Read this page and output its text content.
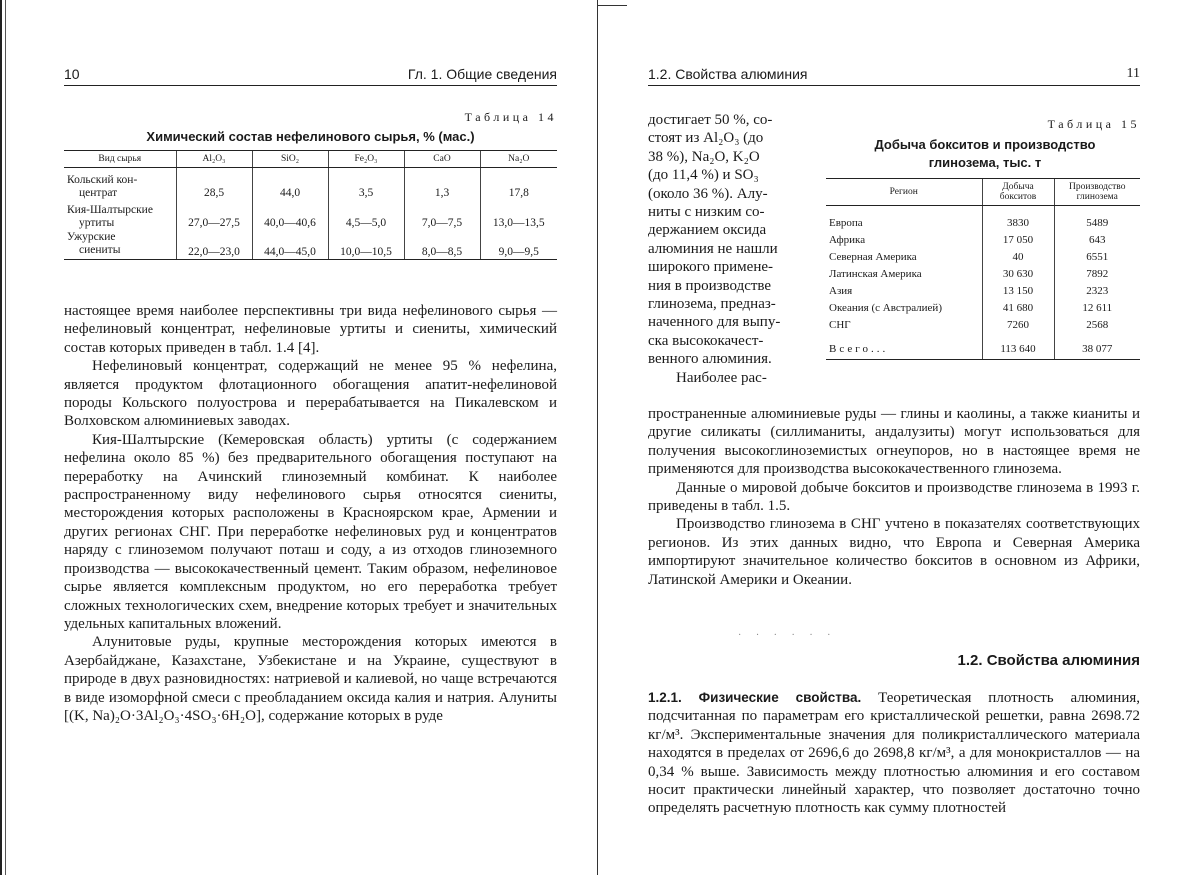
10	Гл. 1. Общие сведения
Таблица 14
Химический состав нефелинового сырья, % (мас.)
Вид сырья	Al₂O₃	SiO₂	Fe₂O₃	CaO	Na₂O
Кольский кон-
центрат	28,5	44,0	3,5	1,3	17,8
Кия-Шалтырские
уртиты	27,0—27,5	40,0—40,6	4,5—5,0	7,0—7,5	13,0—13,5
Ужурские
сиениты	22,0—23,0	44,0—45,0	10,0—10,5	8,0—8,5	9,0—9,5

настоящее время наиболее перспективны три вида нефелинового сырья — нефелиновый концентрат, нефелиновые уртиты и сиениты, химический состав которых приведен в табл. 1.4 [4].

Нефелиновый концентрат, содержащий не менее 95 % нефелина, является продуктом флотационного обогащения апатит-нефелиновой породы Кольского полуострова и перерабатывается на Пикалевском и Волховском алюминиевых заводах.

Кия-Шалтырские (Кемеровская область) уртиты (с содержанием нефелина около 85 %) без предварительного обогащения поступают на переработку на Ачинский глиноземный комбинат. К наиболее распространенному виду нефелинового сырья относятся сиениты, месторождения которых расположены в Красноярском крае, Армении и других регионах СНГ. При переработке нефелиновых руд и концентратов наряду с глиноземом получают поташ и соду, а из отходов глиноземного производства — высококачественный цемент. Таким образом, нефелиновое сырье является комплексным продуктом, но его переработка требует сложных технологических схем, внедрение которых требует и значительных удельных капитальных вложений.

Алунитовые руды, крупные месторождения которых имеются в Азербайджане, Казахстане, Узбекистане и на Украине, существуют в природе в двух разновидностях: натриевой и калиевой, но чаще встречаются в виде изоморфной смеси с преобладанием оксида калия и натрия. Алуниты [(K, Na)₂O·3Al₂O₃·4SO₃·6H₂O], содержание которых в руде

1.2. Свойства алюминия	11
достигает 50 %, со-
стоят из Al₂O₃ (до
38 %), Na₂O, K₂O
(до 11,4 %) и SO₃
(около 36 %). Алу-
ниты с низким со-
держанием оксида
алюминия не нашли
широкого примене-
ния в производстве
глинозема, предназ-
наченного для выпу-
ска высококачест-
венного алюминия.
Наиболее рас-
Таблица 15
Добыча бокситов и производство
глинозема, тыс. т
Регион	Добыча бокситов	Производство глинозема
Европа	3830	5489
Африка	17 050	643
Северная Америка	40	6551
Латинская Америка	30 630	7892
Азия	13 150	2323
Океания (с Австралией)	41 680	12 611
СНГ	7260	2568
Всего...	113 640	38 077

пространенные алюминиевые руды — глины и каолины, а также кианиты и другие силикаты (силлиманиты, андалузиты) могут использоваться для получения высокоглиноземистых огнеупоров, но в настоящее время не применяются для производства высококачественного глинозема.

Данные о мировой добыче бокситов и производстве глинозема в 1993 г. приведены в табл. 1.5.

Производство глинозема в СНГ учтено в показателях соответствующих регионов. Из этих данных видно, что Европа и Северная Америка импортируют значительное количество бокситов в основном из Африки, Латинской Америки и Океании.

· · · · · ·
1.2. Свойства алюминия

1.2.1. Физические свойства. Теоретическая плотность алюминия, подсчитанная по параметрам его кристаллической решетки, равна 2698.72 кг/м³. Экспериментальные значения для поликристаллического материала находятся в пределах от 2696,6 до 2698,8 кг/м³, а для монокристаллов — на 0,34 % выше. Зависимость между плотностью алюминия и его составом носит практически линейный характер, что позволяет достаточно точно определять расчетную плотность как сумму плотностей
